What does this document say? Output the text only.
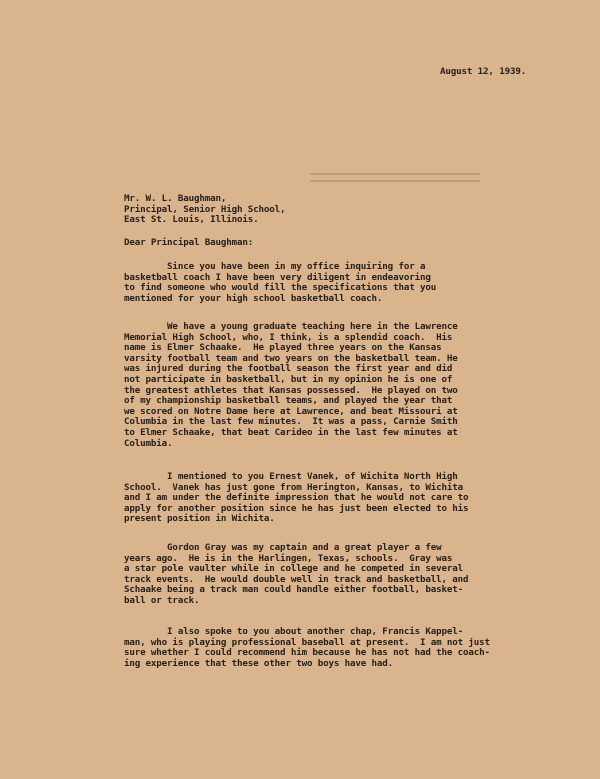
August 12, 1939.
Mr. W. L. Baughman,
Principal, Senior High School,
East St. Louis, Illinois.
Dear Principal Baughman:
Since you have been in my office inquiring for a
basketball coach I have been very diligent in endeavoring
to find someone who would fill the specifications that you
mentioned for your high school basketball coach.
We have a young graduate teaching here in the Lawrence
Memorial High School, who, I think, is a splendid coach.  His
name is Elmer Schaake.  He played three years on the Kansas
varsity football team and two years on the basketball team. He
was injured during the football season the first year and did
not participate in basketball, but in my opinion he is one of
the greatest athletes that Kansas possessed.  He played on two
of my championship basketball teams, and played the year that
we scored on Notre Dame here at Lawrence, and beat Missouri at
Columbia in the last few minutes.  It was a pass, Carnie Smith
to Elmer Schaake, that beat Carideo in the last few minutes at
Columbia.
I mentioned to you Ernest Vanek, of Wichita North High
School.  Vanek has just gone from Herington, Kansas, to Wichita
and I am under the definite impression that he would not care to
apply for another position since he has just been elected to his
present position in Wichita.
Gordon Gray was my captain and a great player a few
years ago.  He is in the Harlingen, Texas, schools.  Gray was
a star pole vaulter while in college and he competed in several
track events.  He would double well in track and basketball, and
Schaake being a track man could handle either football, basket-
ball or track.
I also spoke to you about another chap, Francis Kappel-
man, who is playing professional baseball at present.  I am not just
sure whether I could recommend him because he has not had the coach-
ing experience that these other two boys have had.
